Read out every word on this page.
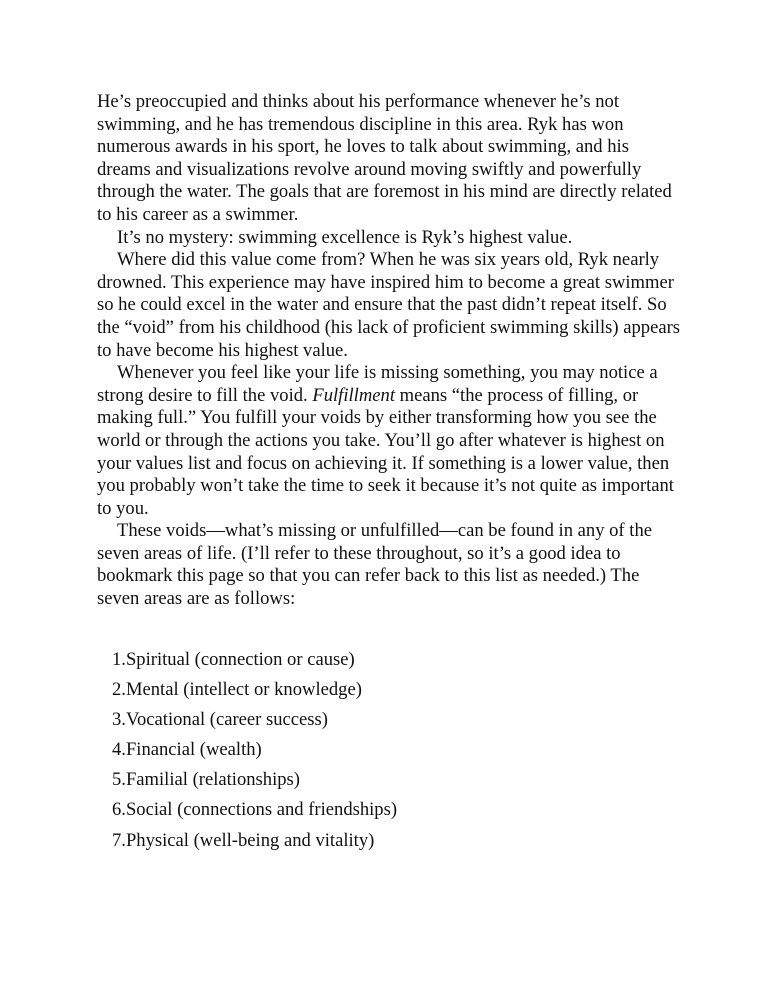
He’s preoccupied and thinks about his performance whenever he’s not swimming, and he has tremendous discipline in this area. Ryk has won numerous awards in his sport, he loves to talk about swimming, and his dreams and visualizations revolve around moving swiftly and powerfully through the water. The goals that are foremost in his mind are directly related to his career as a swimmer.

It’s no mystery: swimming excellence is Ryk’s highest value.

Where did this value come from? When he was six years old, Ryk nearly drowned. This experience may have inspired him to become a great swimmer so he could excel in the water and ensure that the past didn’t repeat itself. So the “void” from his childhood (his lack of proficient swimming skills) appears to have become his highest value.

Whenever you feel like your life is missing something, you may notice a strong desire to fill the void. Fulfillment means “the process of filling, or making full.” You fulfill your voids by either transforming how you see the world or through the actions you take. You’ll go after whatever is highest on your values list and focus on achieving it. If something is a lower value, then you probably won’t take the time to seek it because it’s not quite as important to you.

These voids—what’s missing or unfulfilled—can be found in any of the seven areas of life. (I’ll refer to these throughout, so it’s a good idea to bookmark this page so that you can refer back to this list as needed.) The seven areas are as follows:

1.Spiritual (connection or cause)
2.Mental (intellect or knowledge)
3.Vocational (career success)
4.Financial (wealth)
5.Familial (relationships)
6.Social (connections and friendships)
7.Physical (well-being and vitality)
